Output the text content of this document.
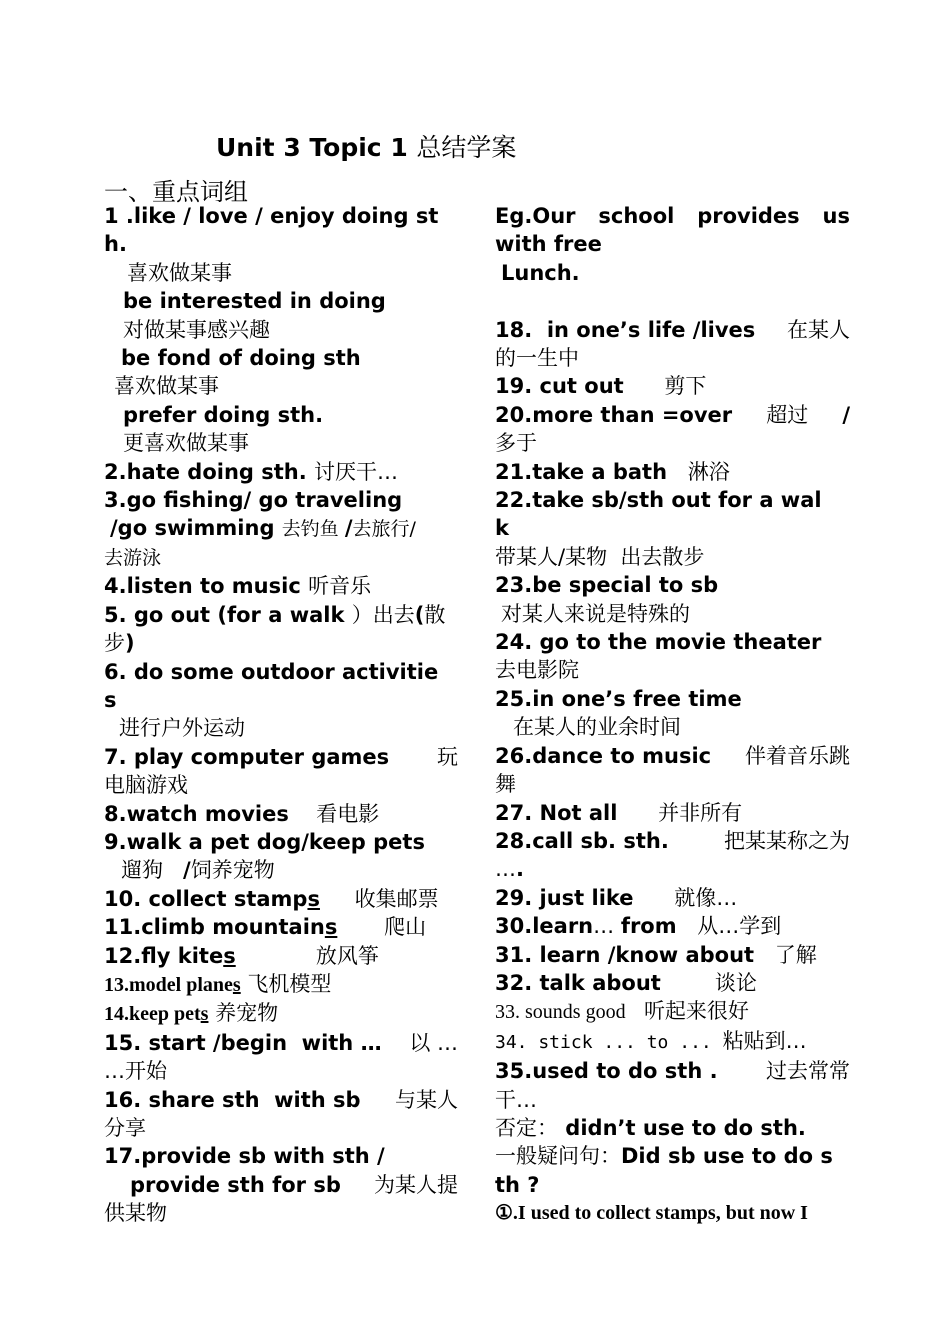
Unit 3 Topic 1 总结学案
一、重点词组
1 .like / love / enjoy doing st
h.
喜欢做某事
be interested in doing
对做某事感兴趣
be fond of doing sth
喜欢做某事
prefer doing sth.
更喜欢做某事
2.hate doing sth. 讨厌干…
3.go fishing/ go traveling
/go swimming 去钓鱼 /去旅行/
去游泳
4.listen to music 听音乐
5. go out (for a walk ）出去(散
步)
6. do some outdoor activitie
s
进行户外运动
7. play computer games 玩
电脑游戏
8.watch movies    看电影
9.walk a pet dog/keep pets
遛狗   /饲养宠物
10. collect stamps 收集邮票
11.climb mountains 爬山
12.fly kites	放风筝
13.model planes 飞机模型
14.keep pets 养宠物
15. start /begin  with … 以 …
…开始
16. share sth  with sb 与某人
分享
17.provide sb with sth /
provide sth for sb 为某人提
供某物
Eg.Our school provides us
with free
Lunch.
18.  in one’s life /lives 在某人
的一生中
19. cut out      剪下
20.more than =over 超过 /
多于
21.take a bath   淋浴
22.take sb/sth out for a wal
k
带某人/某物  出去散步
23.be special to sb
对某人来说是特殊的
24. go to the movie theater
去电影院
25.in one’s free time
在某人的业余时间
26.dance to music 伴着音乐跳
舞
27. Not all      并非所有
28.call sb. sth.	把某某称之为
….
29. just like      就像…
30.learn… from   从…学到
31. learn /know about   了解
32. talk about        谈论
33. sounds good   听起来很好
34. stick ... to ... 粘贴到…
35.used to do sth . 过去常常
干…
否定： didn’t use to do sth.
一般疑问句：Did sb use to do s
th ?
①.I used to collect stamps, but now I
